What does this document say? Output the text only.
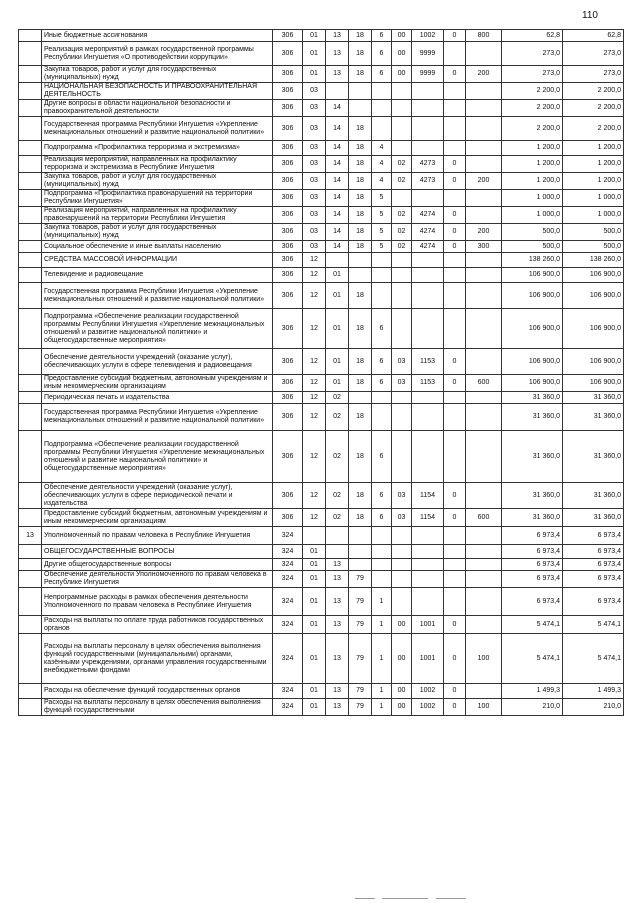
110
	Иные бюджетные ассигнования	306	01	13	18	6	00	1002	0	800	62,8	62,8
	Реализация мероприятий в рамках государственной программы Республики Ингушетия «О противодействии коррупции»	306	01	13	18	6	00	9999			273,0	273,0
	Закупка товаров, работ и услуг для государственных (муниципальных) нужд	306	01	13	18	6	00	9999	0	200	273,0	273,0
	НАЦИОНАЛЬНАЯ БЕЗОПАСНОСТЬ И ПРАВООХРАНИТЕЛЬНАЯ ДЕЯТЕЛЬНОСТЬ	306	03								2 200,0	2 200,0
	Другие вопросы в области национальной безопасности и правоохранительной деятельности	306	03	14							2 200,0	2 200,0
	Государственная программа Республики Ингушетия «Укрепление межнациональных отношений и развитие национальной политики»	306	03	14	18						2 200,0	2 200,0
	Подпрограмма «Профилактика терроризма и экстремизма»	306	03	14	18	4					1 200,0	1 200,0
	Реализация мероприятий, направленных на профилактику терроризма и экстремизма в Республике Ингушетия	306	03	14	18	4	02	4273	0		1 200,0	1 200,0
	Закупка товаров, работ и услуг для государственных (муниципальных) нужд	306	03	14	18	4	02	4273	0	200	1 200,0	1 200,0
	Подпрограмма «Профилактика правонарушений на территории Республики Ингушетия»	306	03	14	18	5					1 000,0	1 000,0
	Реализация мероприятий, направленных на профилактику правонарушений на территории Республики Ингушетия	306	03	14	18	5	02	4274	0		1 000,0	1 000,0
	Закупка товаров, работ и услуг для государственных (муниципальных) нужд	306	03	14	18	5	02	4274	0	200	500,0	500,0
	Социальное обеспечение и иные выплаты населению	306	03	14	18	5	02	4274	0	300	500,0	500,0
	СРЕДСТВА МАССОВОЙ ИНФОРМАЦИИ	306	12								138 260,0	138 260,0
	Телевидение и радиовещание	306	12	01							106 900,0	106 900,0
	Государственная программа Республики Ингушетия «Укрепление межнациональных отношений и развитие национальной политики»	306	12	01	18						106 900,0	106 900,0
	Подпрограмма «Обеспечение реализации государственной программы Республики Ингушетия «Укрепление межнациональных отношений и развитие национальной политики» и общегосударственные мероприятия»	306	12	01	18	6					106 900,0	106 900,0
	Обеспечение деятельности учреждений (оказание услуг), обеспечивающих услуги в сфере телевидения и радиовещания	306	12	01	18	6	03	1153	0		106 900,0	106 900,0
	Предоставление субсидий бюджетным, автономным учреждениям и иным некоммерческим организациям	306	12	01	18	6	03	1153	0	600	106 900,0	106 900,0
	Периодическая печать и издательства	306	12	02							31 360,0	31 360,0
	Государственная программа Республики Ингушетия «Укрепление межнациональных отношений и развитие национальной политики»	306	12	02	18						31 360,0	31 360,0
	Подпрограмма «Обеспечение реализации государственной программы Республики Ингушетия «Укрепление межнациональных отношений и развитие национальной политики» и общегосударственные мероприятия»	306	12	02	18	6					31 360,0	31 360,0
	Обеспечение деятельности учреждений (оказание услуг), обеспечивающих услуги в сфере периодической печати и издательства	306	12	02	18	6	03	1154	0		31 360,0	31 360,0
	Предоставление субсидий бюджетным, автономным учреждениям и иным некоммерческим организациям	306	12	02	18	6	03	1154	0	600	31 360,0	31 360,0
13	Уполномоченный по правам человека в Республике Ингушетия	324									6 973,4	6 973,4
	ОБЩЕГОСУДАРСТВЕННЫЕ ВОПРОСЫ	324	01								6 973,4	6 973,4
	Другие общегосударственные вопросы	324	01	13							6 973,4	6 973,4
	Обеспечение деятельности Уполномоченного по правам человека в Республике Ингушетия	324	01	13	79						6 973,4	6 973,4
	Непрограммные расходы в рамках обеспечения деятельности Уполномоченного по правам человека в Республике Ингушетия	324	01	13	79	1					6 973,4	6 973,4
	Расходы на выплаты по оплате труда работников государственных органов	324	01	13	79	1	00	1001	0		5 474,1	5 474,1
	Расходы на выплаты персоналу в целях обеспечения выполнения функций государственными (муниципальными) органами, казёнными учреждениями, органами управления государственными внебюджетными фондами	324	01	13	79	1	00	1001	0	100	5 474,1	5 474,1
	Расходы на обеспечение функций государственных органов	324	01	13	79	1	00	1002	0		1 499,3	1 499,3
	Расходы на выплаты персоналу в целях обеспечения выполнения функций государственными	324	01	13	79	1	00	1002	0	100	210,0	210,0
